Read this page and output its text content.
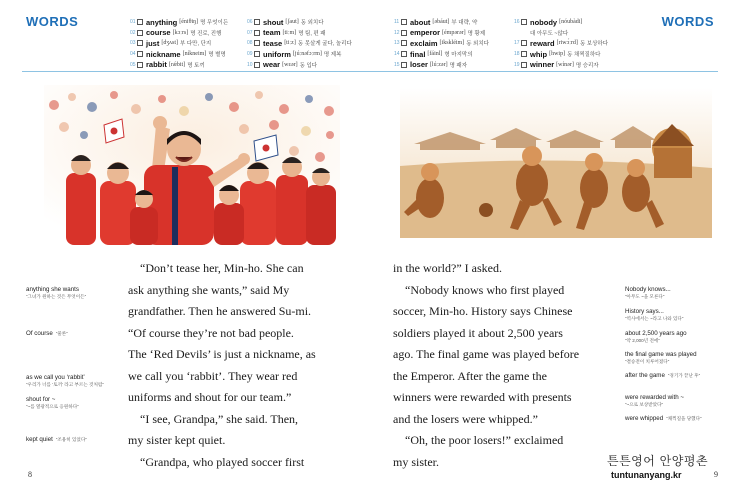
WORDS	WORDS
01 anything [éniθiŋ] 명 무엇이든
02 course [kɔːrs] 명 진로, 진행
03 just [dʒʌst] 부 다만, 단지
04 nickname [níkneim] 명 별명
05 rabbit [rǽbit] 명 토끼
06 shout [ʃaut] 동 외치다
07 team [tiːm] 명 팀, 편 패
08 tease [tiːz] 동 못살게 굴다, 놀리다
09 uniform [júːnəfɔːrm] 명 제복
10 wear [wɛər] 동 입다
11 about [əbáut] 부 대략, 약
12 emperor [émpərər] 명 황제
13 exclaim [ikskléim] 동 외치다
14 final [fáinl] 형 마지막의
15 loser [lúːzər] 명 패자
16 nobody [nóubàdi]
대 아무도 ~않다
17 reward [riwɔ́ːrd] 동 보상하다
18 whip [hwip] 동 채찍질하다
19 winner [wínər] 명 승리자
“Don’t tease her, Min-ho. She can
ask anything she wants,” said My
grandfather. Then he answered Su-mi.
“Of course they’re not bad people.
The ‘Red Devils’ is just a nickname, as
we call you ‘rabbit’. They wear red
uniforms and shout for our team.”
“I see, Grandpa,” she said. Then,
my sister kept quiet.
“Grandpa, who played soccer first
in the world?” I asked.
“Nobody knows who first played
soccer, Min-ho. History says Chinese
soldiers played it about 2,500 years
ago. The final game was played before
the Emperor. After the game the
winners were rewarded with presents
and the losers were whipped.”
“Oh, the poor losers!” exclaimed
my sister.
anything she wants
“그녀가 원하는 것은 무엇이든”
Of course “물론”
as we call you ‘rabbit’
“우리가 너를 ‘토끼’ 라고 부르는 것처럼”
shout for ~
“~를 열광적으로 응원하다”
kept quiet “조용히 있었다”
Nobody knows...
“아무도 ~을 모른다”
History says...
“역사에서는 ~라고 나와 있다”
about 2,500 years ago
“약 2,000년 전에”
the final game was played
“결승전이 치루어졌다”
after the game “경기가 끝난 후”
were rewarded with ~
“~으로 보상받았다”
were whipped “채찍질을 당했다”
8	9
튼튼영어 안양평촌
tuntunanyang.kr
